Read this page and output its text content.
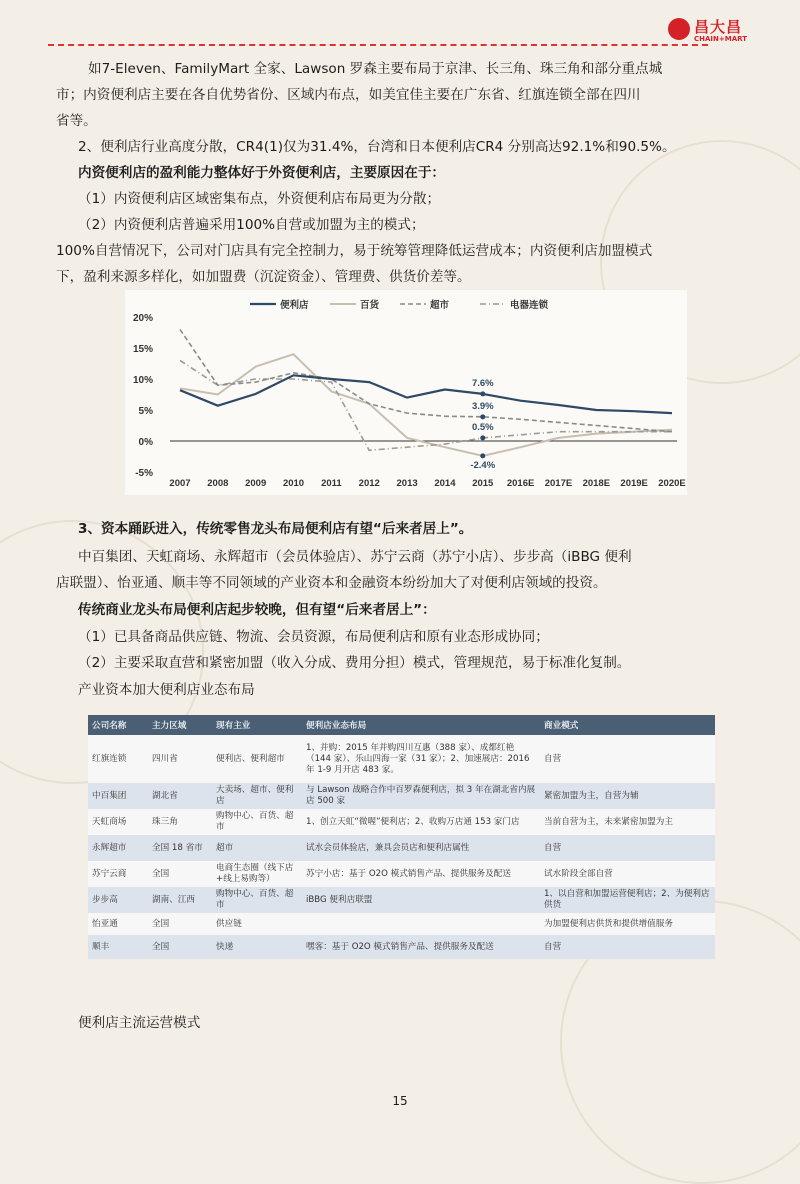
昌大昌
CHAIN+MART

如7-Eleven、FamilyMart 全家、Lawson 罗森主要布局于京津、长三角、珠三角和部分重点城

市；内资便利店主要在各自优势省份、区域内布点，如美宜佳主要在广东省、红旗连锁全部在四川

省等。

2、便利店行业高度分散，CR4(1)仅为31.4%，台湾和日本便利店CR4 分别高达92.1%和90.5%。

内资便利店的盈利能力整体好于外资便利店，主要原因在于：

（1）内资便利店区域密集布点，外资便利店布局更为分散；

（2）内资便利店普遍采用100%自营或加盟为主的模式；

100%自营情况下，公司对门店具有完全控制力，易于统筹管理降低运营成本；内资便利店加盟模式

下，盈利来源多样化，如加盟费（沉淀资金）、管理费、供货价差等。

便利店	百货	超市	电器连锁
20%
15%
10%
5%
0%
-5%
2007 2008 2009 2010 2011 2012 2013 2014 2015 2016E 2017E 2018E 2019E 2020E
7.6%
3.9%
0.5%
-2.4%

3、资本踊跃进入，传统零售龙头布局便利店有望“后来者居上”。

中百集团、天虹商场、永辉超市（会员体验店）、苏宁云商（苏宁小店）、步步高（iBBG 便利

店联盟）、怡亚通、顺丰等不同领域的产业资本和金融资本纷纷加大了对便利店领域的投资。

传统商业龙头布局便利店起步较晚，但有望“后来者居上”：

（1）已具备商品供应链、物流、会员资源，布局便利店和原有业态形成协同；

（2）主要采取直营和紧密加盟（收入分成、费用分担）模式，管理规范，易于标准化复制。

产业资本加大便利店业态布局

公司名称	主力区域	现有主业	便利店业态布局	商业模式
红旗连锁	四川省	便利店、便利超市	1、并购：2015 年并购四川互惠（388 家）、成都红艳（144 家）、乐山四海一家（31 家）；2、加速展店：2016 年 1-9 月开店 483 家。	自营
中百集团	湖北省	大卖场、超市、便利店	与 Lawson 战略合作中百罗森便利店，拟 3 年在湖北省内展店 500 家	紧密加盟为主，自营为辅
天虹商场	珠三角	购物中心、百货、超市	1、创立天虹“微喔”便利店；2、收购万店通 153 家门店	当前自营为主，未来紧密加盟为主
永辉超市	全国 18 省市	超市	试水会员体验店，兼具会员店和便利店属性	自营
苏宁云商	全国	电商生态圈（线下店+线上易购等）	苏宁小店：基于 O2O 模式销售产品、提供服务及配送	试水阶段全部自营
步步高	湖南、江西	购物中心、百货、超市	iBBG 便利店联盟	1、以自营和加盟运营便利店；2、为便利店供货
怡亚通	全国	供应链		为加盟便利店供货和提供增值服务
顺丰	全国	快递	嘿客：基于 O2O 模式销售产品、提供服务及配送	自营

便利店主流运营模式

15
